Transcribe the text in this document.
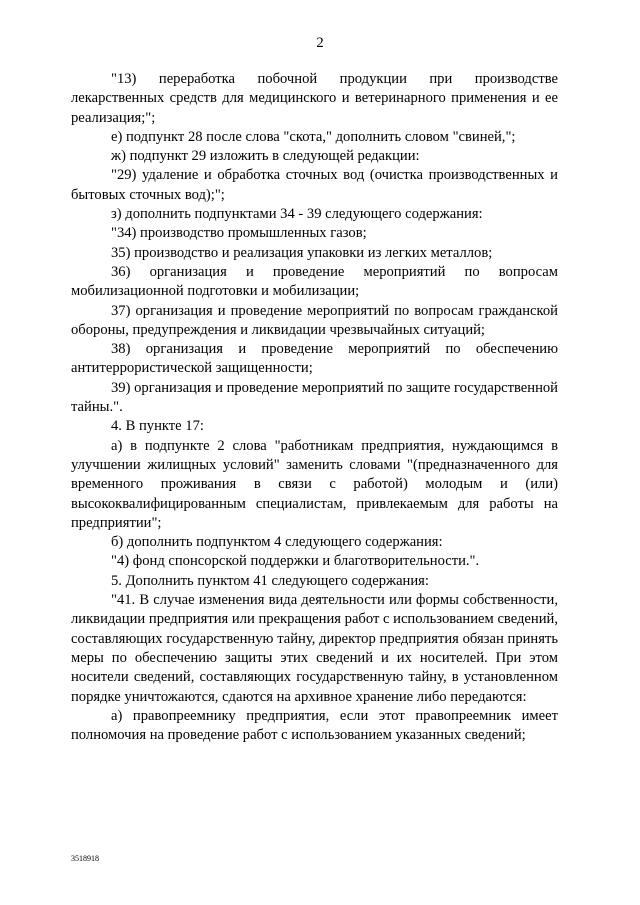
2

"13) переработка побочной продукции при производстве лекарственных средств для медицинского и ветеринарного применения и ее реализация;";

е) подпункт 28 после слова "скота," дополнить словом "свиней,";

ж) подпункт 29 изложить в следующей редакции:

"29) удаление и обработка сточных вод (очистка производственных и бытовых сточных вод);";

з) дополнить подпунктами 34 - 39 следующего содержания:

"34) производство промышленных газов;

35) производство и реализация упаковки из легких металлов;

36) организация и проведение мероприятий по вопросам мобилизационной подготовки и мобилизации;

37) организация и проведение мероприятий по вопросам гражданской обороны, предупреждения и ликвидации чрезвычайных ситуаций;

38) организация и проведение мероприятий по обеспечению антитеррористической защищенности;

39) организация и проведение мероприятий по защите государственной тайны.".

4. В пункте 17:

а) в подпункте 2 слова "работникам предприятия, нуждающимся в улучшении жилищных условий" заменить словами "(предназначенного для временного проживания в связи с работой) молодым и (или) высококвалифицированным специалистам, привлекаемым для работы на предприятии";

б) дополнить подпунктом 4 следующего содержания:

"4) фонд спонсорской поддержки и благотворительности.".

5. Дополнить пунктом 41 следующего содержания:

"41. В случае изменения вида деятельности или формы собственности, ликвидации предприятия или прекращения работ с использованием сведений, составляющих государственную тайну, директор предприятия обязан принять меры по обеспечению защиты этих сведений и их носителей. При этом носители сведений, составляющих государственную тайну, в установленном порядке уничтожаются, сдаются на архивное хранение либо передаются:

а) правопреемнику предприятия, если этот правопреемник имеет полномочия на проведение работ с использованием указанных сведений;

3518918
